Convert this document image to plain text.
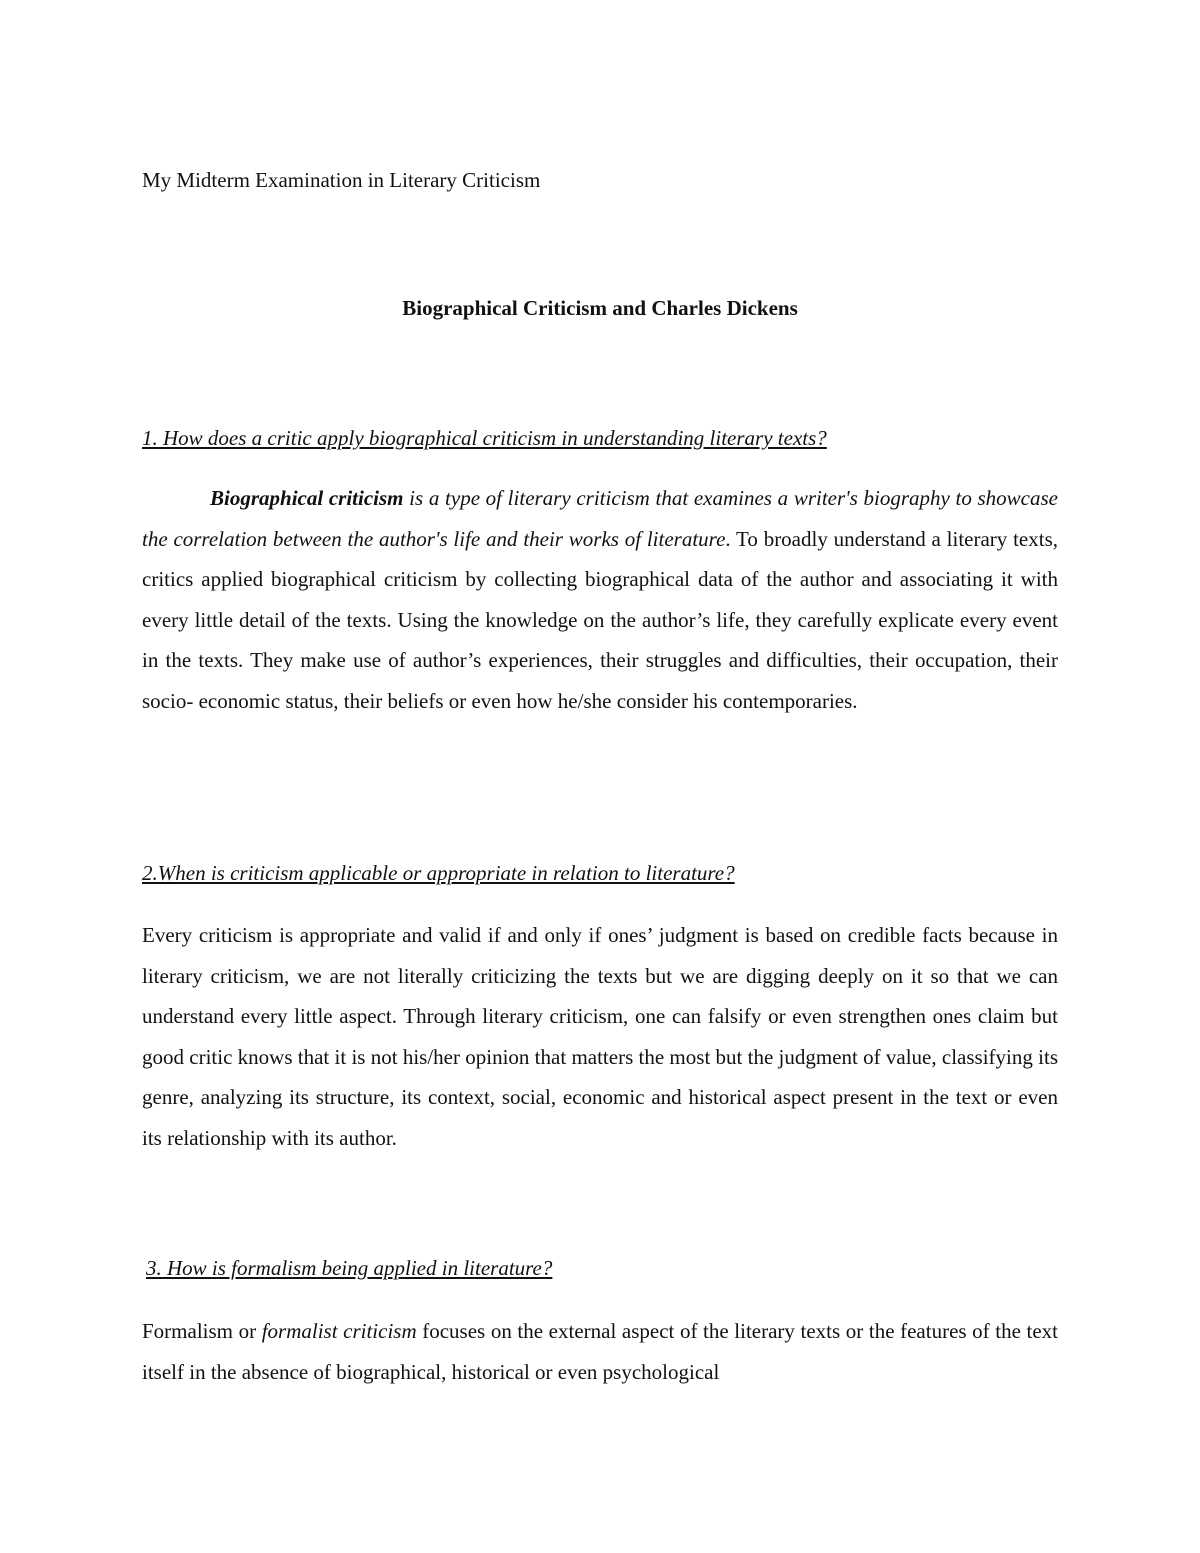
My Midterm Examination in Literary Criticism

Biographical Criticism and Charles Dickens

1. How does a critic apply biographical criticism in understanding literary texts?

Biographical criticism is a type of literary criticism that examines a writer's biography to showcase the correlation between the author's life and their works of literature. To broadly understand a literary texts, critics applied biographical criticism by collecting biographical data of the author and associating it with every little detail of the texts. Using the knowledge on the author’s life, they carefully explicate every event in the texts. They make use of author’s experiences, their struggles and difficulties, their occupation, their socio- economic status, their beliefs or even how he/she consider his contemporaries.

2.When is criticism applicable or appropriate in relation to literature?

Every criticism is appropriate and valid if and only if ones’ judgment is based on credible facts because in literary criticism, we are not literally criticizing the texts but we are digging deeply on it so that we can understand every little aspect. Through literary criticism, one can falsify or even strengthen ones claim but good critic knows that it is not his/her opinion that matters the most but the judgment of value, classifying its genre, analyzing its structure, its context, social, economic and historical aspect present in the text or even its relationship with its author.

3. How is formalism being applied in literature?

Formalism or formalist criticism focuses on the external aspect of the literary texts or the features of the text itself in the absence of biographical, historical or even psychological
